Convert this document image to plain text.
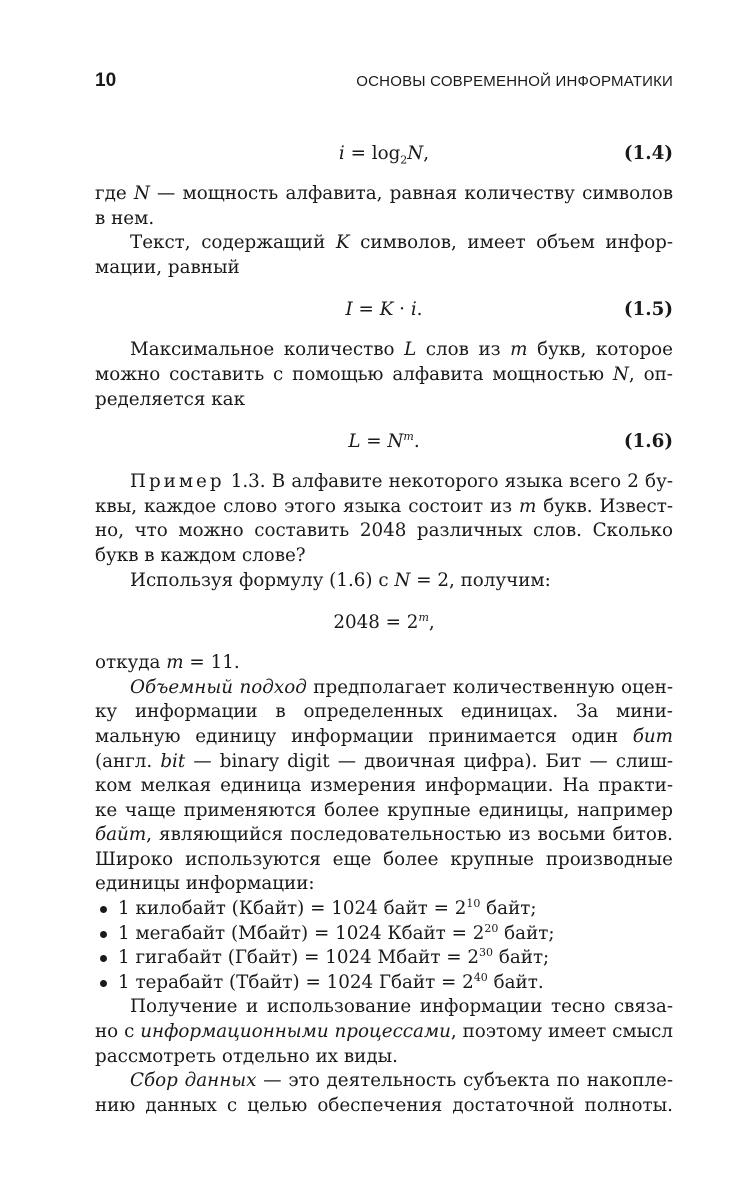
10	ОСНОВЫ СОВРЕМЕННОЙ ИНФОРМАТИКИ
$i = \log_2N$,	(1.4)

где N — мощность алфавита, равная количеству символов

в нем.

Текст, содержащий K символов, имеет объем инфор-

мации, равный

I = K · i.	(1.5)

Максимальное количество L слов из m букв, которое

можно составить с помощью алфавита мощностью N, оп-

ределяется как

$L = N^m$.	(1.6)

Пример 1.3. В алфавите некоторого языка всего 2 бу-

квы, каждое слово этого языка состоит из m букв. Извест-

но, что можно составить 2048 различных слов. Сколько

букв в каждом слове?

Используя формулу (1.6) с N = 2, получим:

$2048 = 2^m$,

откуда m = 11.

Объемный подход предполагает количественную оцен-

ку информации в определенных единицах. За мини-

мальную единицу информации принимается один бит

(англ. bit — binary digit — двоичная цифра). Бит — слиш-

ком мелкая единица измерения информации. На практи-

ке чаще применяются более крупные единицы, например

байт, являющийся последовательностью из восьми битов.

Широко используются еще более крупные производные

единицы информации:

1 килобайт (Кбайт) = 1024 байт = $2^{10}$ байт;
1 мегабайт (Мбайт) = 1024 Кбайт = $2^{20}$ байт;
1 гигабайт (Гбайт) = 1024 Мбайт = $2^{30}$ байт;
1 терабайт (Тбайт) = 1024 Гбайт = $2^{40}$ байт.

Получение и использование информации тесно связа-

но с информационными процессами, поэтому имеет смысл

рассмотреть отдельно их виды.

Сбор данных — это деятельность субъекта по накопле-

нию данных с целью обеспечения достаточной полноты.
